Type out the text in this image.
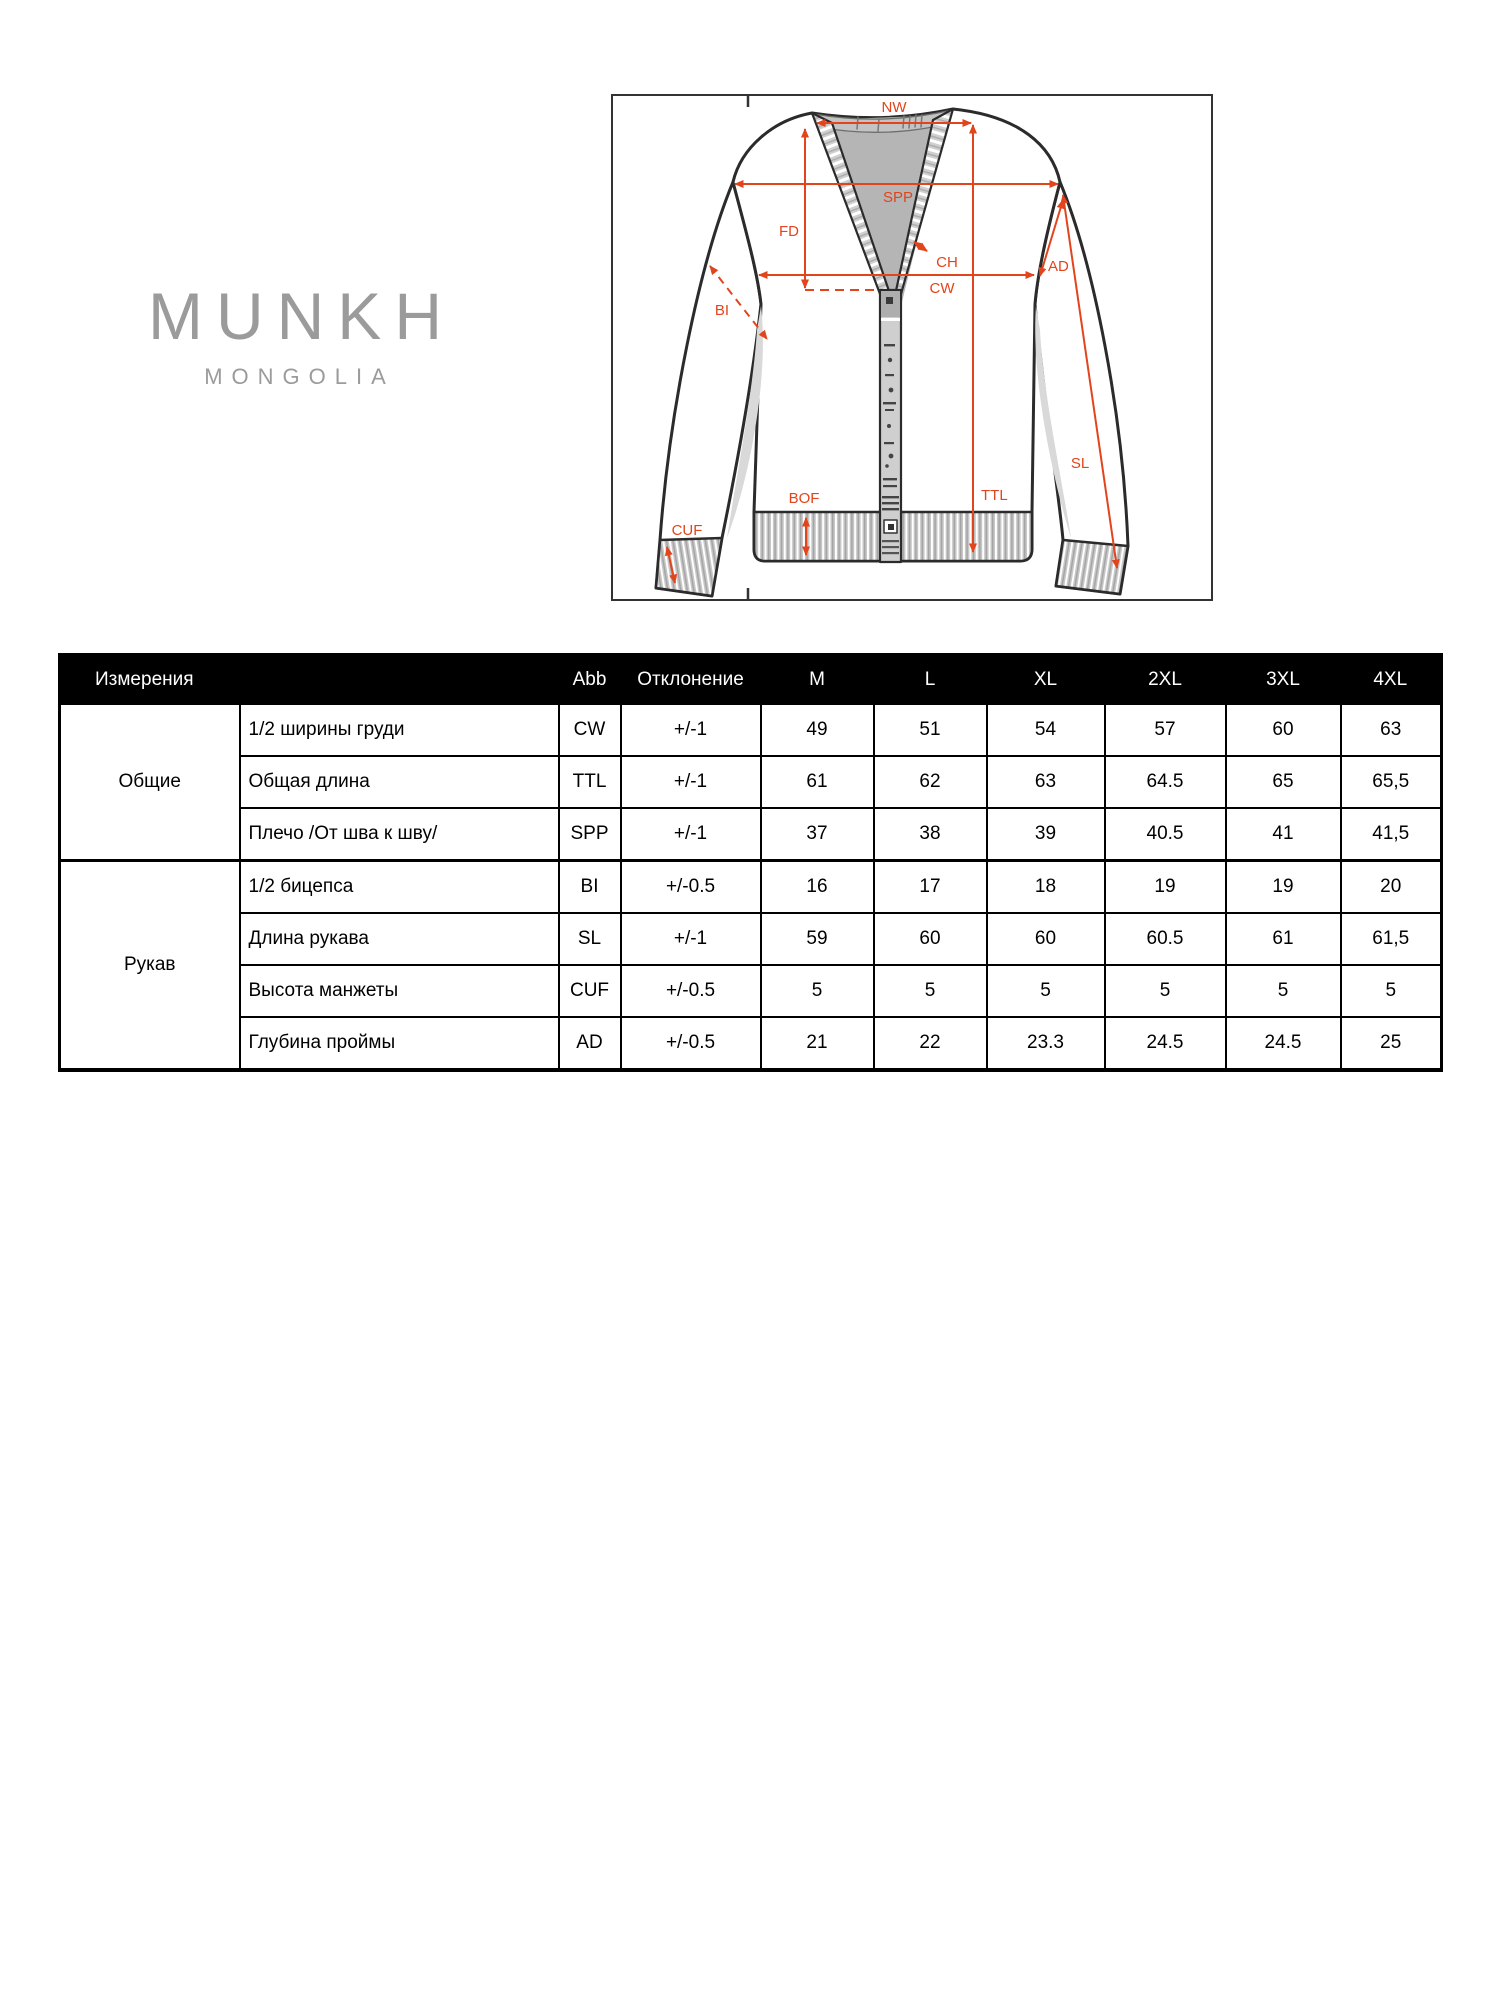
MUNKH
MONGOLIA
NW
SPP
FD
CH
BI
CW
AD
TTL
SL
BOF
CUF
Измерения		Abb	Отклонение	M	L	XL	2XL	3XL	4XL
Общие	1/2 ширины груди	CW	+/-1	49	51	54	57	60	63
	Общая длина	TTL	+/-1	61	62	63	64.5	65	65,5
	Плечо /От шва к шву/	SPP	+/-1	37	38	39	40.5	41	41,5
Рукав	1/2 бицепса	BI	+/-0.5	16	17	18	19	19	20
	Длина рукава	SL	+/-1	59	60	60	60.5	61	61,5
	Высота манжеты	CUF	+/-0.5	5	5	5	5	5	5
	Глубина проймы	AD	+/-0.5	21	22	23.3	24.5	24.5	25
